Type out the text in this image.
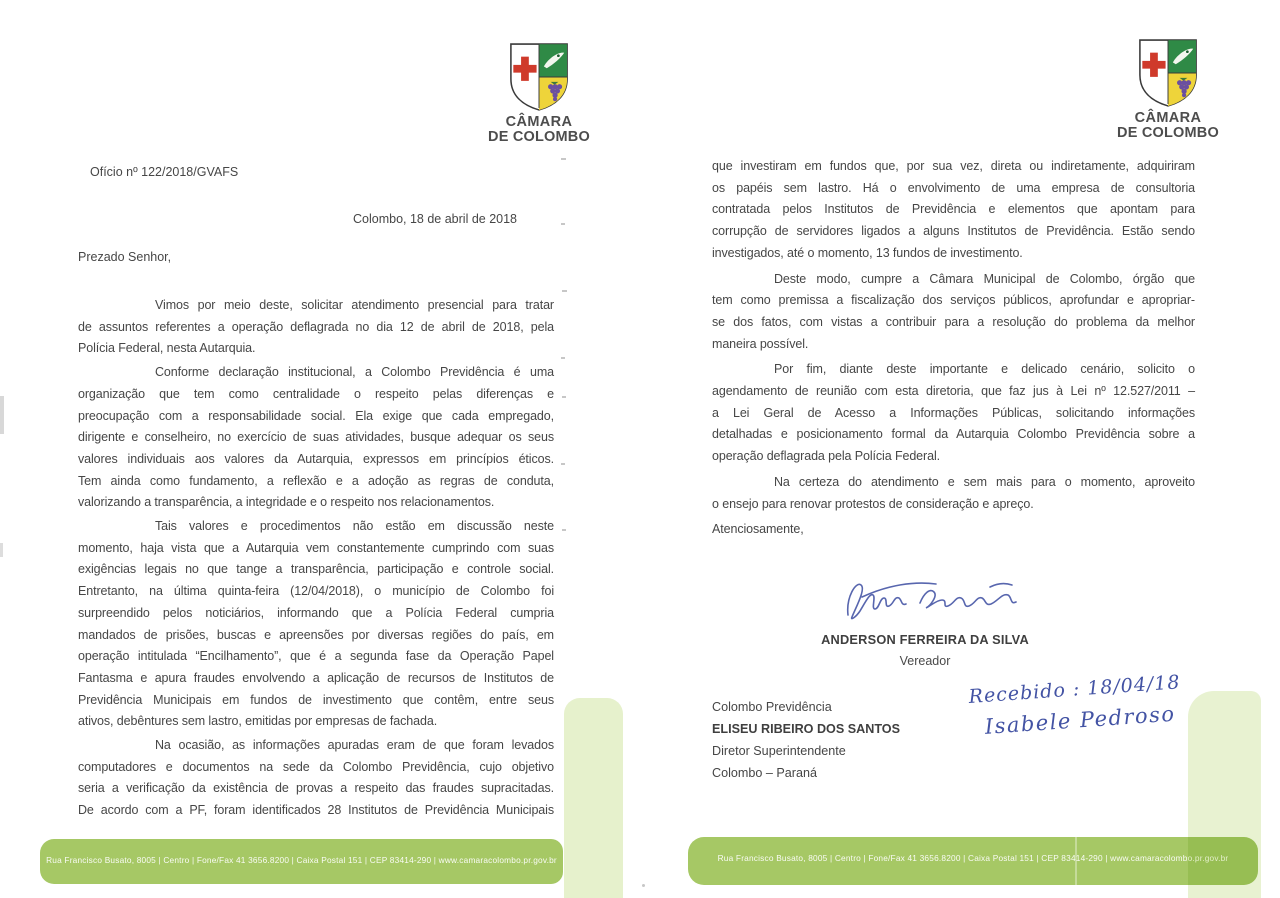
CÂMARA
DE COLOMBO
Ofício nº 122/2018/GVAFS
Colombo, 18 de abril de 2018
Prezado Senhor,
Vimos por meio deste, solicitar atendimento presencial para tratar
de assuntos referentes a operação deflagrada no dia 12 de abril de 2018, pela
Polícia Federal, nesta Autarquia.
Conforme declaração institucional, a Colombo Previdência é uma
organização que tem como centralidade o respeito pelas diferenças e
preocupação com a responsabilidade social. Ela exige que cada empregado,
dirigente e conselheiro, no exercício de suas atividades, busque adequar os seus
valores individuais aos valores da Autarquia, expressos em princípios éticos.
Tem ainda como fundamento, a reflexão e a adoção as regras de conduta,
valorizando a transparência, a integridade e o respeito nos relacionamentos.
Tais valores e procedimentos não estão em discussão neste
momento, haja vista que a Autarquia vem constantemente cumprindo com suas
exigências legais no que tange a transparência, participação e controle social.
Entretanto, na última quinta-feira (12/04/2018), o município de Colombo foi
surpreendido pelos noticiários, informando que a Polícia Federal cumpria
mandados de prisões, buscas e apreensões por diversas regiões do país, em
operação intitulada “Encilhamento”, que é a segunda fase da Operação Papel
Fantasma e apura fraudes envolvendo a aplicação de recursos de Institutos de
Previdência Municipais em fundos de investimento que contêm, entre seus
ativos, debêntures sem lastro, emitidas por empresas de fachada.
Na ocasião, as informações apuradas eram de que foram levados
computadores e documentos na sede da Colombo Previdência, cujo objetivo
seria a verificação da existência de provas a respeito das fraudes supracitadas.
De acordo com a PF, foram identificados 28 Institutos de Previdência Municipais
Rua Francisco Busato, 8005 | Centro | Fone/Fax 41 3656.8200 | Caixa Postal 151 | CEP 83414-290 | www.camaracolombo.pr.gov.br
CÂMARA
DE COLOMBO
que investiram em fundos que, por sua vez, direta ou indiretamente, adquiriram
os papéis sem lastro. Há o envolvimento de uma empresa de consultoria
contratada pelos Institutos de Previdência e elementos que apontam para
corrupção de servidores ligados a alguns Institutos de Previdência. Estão sendo
investigados, até o momento, 13 fundos de investimento.
Deste modo, cumpre a Câmara Municipal de Colombo, órgão que
tem como premissa a fiscalização dos serviços públicos, aprofundar e apropriar-
se dos fatos, com vistas a contribuir para a resolução do problema da melhor
maneira possível.
Por fim, diante deste importante e delicado cenário, solicito o
agendamento de reunião com esta diretoria, que faz jus à Lei nº 12.527/2011 –
a Lei Geral de Acesso a Informações Públicas, solicitando informações
detalhadas e posicionamento formal da Autarquia Colombo Previdência sobre a
operação deflagrada pela Polícia Federal.
Na certeza do atendimento e sem mais para o momento, aproveito
o ensejo para renovar protestos de consideração e apreço.
Atenciosamente,
ANDERSON FERREIRA DA SILVA
Vereador
Colombo Previdência
ELISEU RIBEIRO DOS SANTOS
Diretor Superintendente
Colombo – Paraná
Recebido : 18/04/18
Isabele Pedroso
Rua Francisco Busato, 8005 | Centro | Fone/Fax 41 3656.8200 | Caixa Postal 151 | CEP 83414-290 | www.camaracolombo.pr.gov.br
